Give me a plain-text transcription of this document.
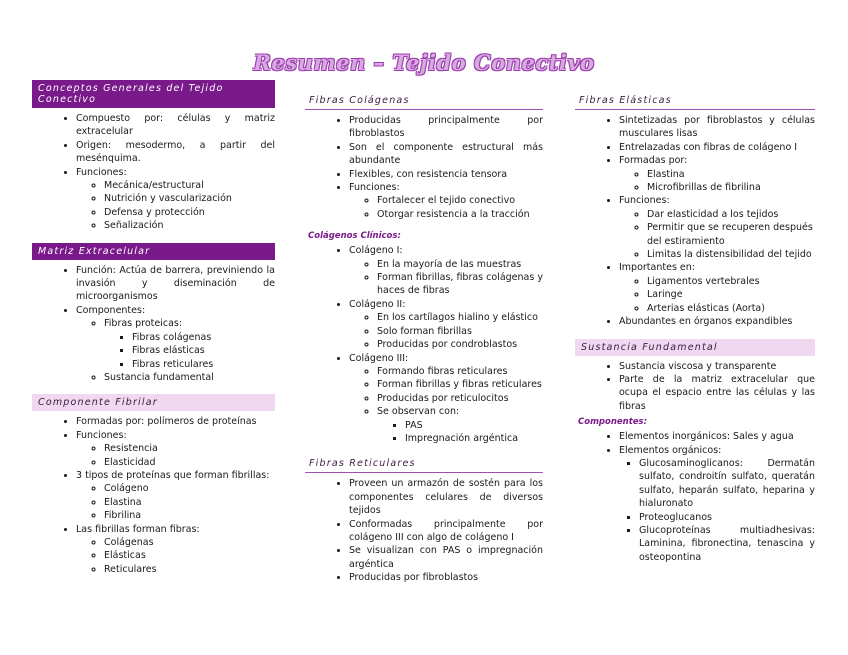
Resumen – Tejido Conectivo
Conceptos Generales del Tejido Conectivo
• Compuesto por: células y matriz extracelular
• Origen: mesodermo, a partir del mesénquima.
• Funciones:
◦ Mecánica/estructural
◦ Nutrición y vascularización
◦ Defensa y protección
◦ Señalización
Matriz Extracelular
• Función: Actúa de barrera, previniendo la invasión y diseminación de microorganismos
• Componentes:
◦ Fibras proteicas:
▪ Fibras colágenas
▪ Fibras elásticas
▪ Fibras reticulares
◦ Sustancia fundamental
Componente Fibrilar
• Formadas por: polímeros de proteínas
• Funciones:
◦ Resistencia
◦ Elasticidad
• 3 tipos de proteínas que forman fibrillas:
◦ Colágeno
◦ Elastina
◦ Fibrilina
• Las fibrillas forman fibras:
◦ Colágenas
◦ Elásticas
◦ Reticulares
Fibras Colágenas
• Producidas principalmente por fibroblastos
• Son el componente estructural más abundante
• Flexibles, con resistencia tensora
• Funciones:
◦ Fortalecer el tejido conectivo
◦ Otorgar resistencia a la tracción
Colágenos Clínicos:
• Colágeno I:
◦ En la mayoría de las muestras
◦ Forman fibrillas, fibras colágenas y haces de fibras
• Colágeno II:
◦ En los cartílagos hialino y elástico
◦ Solo forman fibrillas
◦ Producidas por condroblastos
• Colágeno III:
◦ Formando fibras reticulares
◦ Forman fibrillas y fibras reticulares
◦ Producidas por reticulocitos
◦ Se observan con:
▪ PAS
▪ Impregnación argéntica
Fibras Reticulares
• Proveen un armazón de sostén para los componentes celulares de diversos tejidos
• Conformadas principalmente por colágeno III con algo de colágeno I
• Se visualizan con PAS o impregnación argéntica
• Producidas por fibroblastos
Fibras Elásticas
• Sintetizadas por fibroblastos y células musculares lisas
• Entrelazadas con fibras de colágeno I
• Formadas por:
◦ Elastina
◦ Microfibrillas de fibrilina
• Funciones:
◦ Dar elasticidad a los tejidos
◦ Permitir que se recuperen después del estiramiento
◦ Limitas la distensibilidad del tejido
• Importantes en:
◦ Ligamentos vertebrales
◦ Laringe
◦ Arterias elásticas (Aorta)
• Abundantes en órganos expandibles
Sustancia Fundamental
• Sustancia viscosa y transparente
• Parte de la matriz extracelular que ocupa el espacio entre las células y las fibras
Componentes:
• Elementos inorgánicos: Sales y agua
• Elementos orgánicos:
▪ Glucosaminoglicanos: Dermatán sulfato, condroitín sulfato, queratán sulfato, heparán sulfato, heparina y hialuronato
▪ Proteoglucanos
▪ Glucoproteínas multiadhesivas: Laminina, fibronectina, tenascina y osteopontina
